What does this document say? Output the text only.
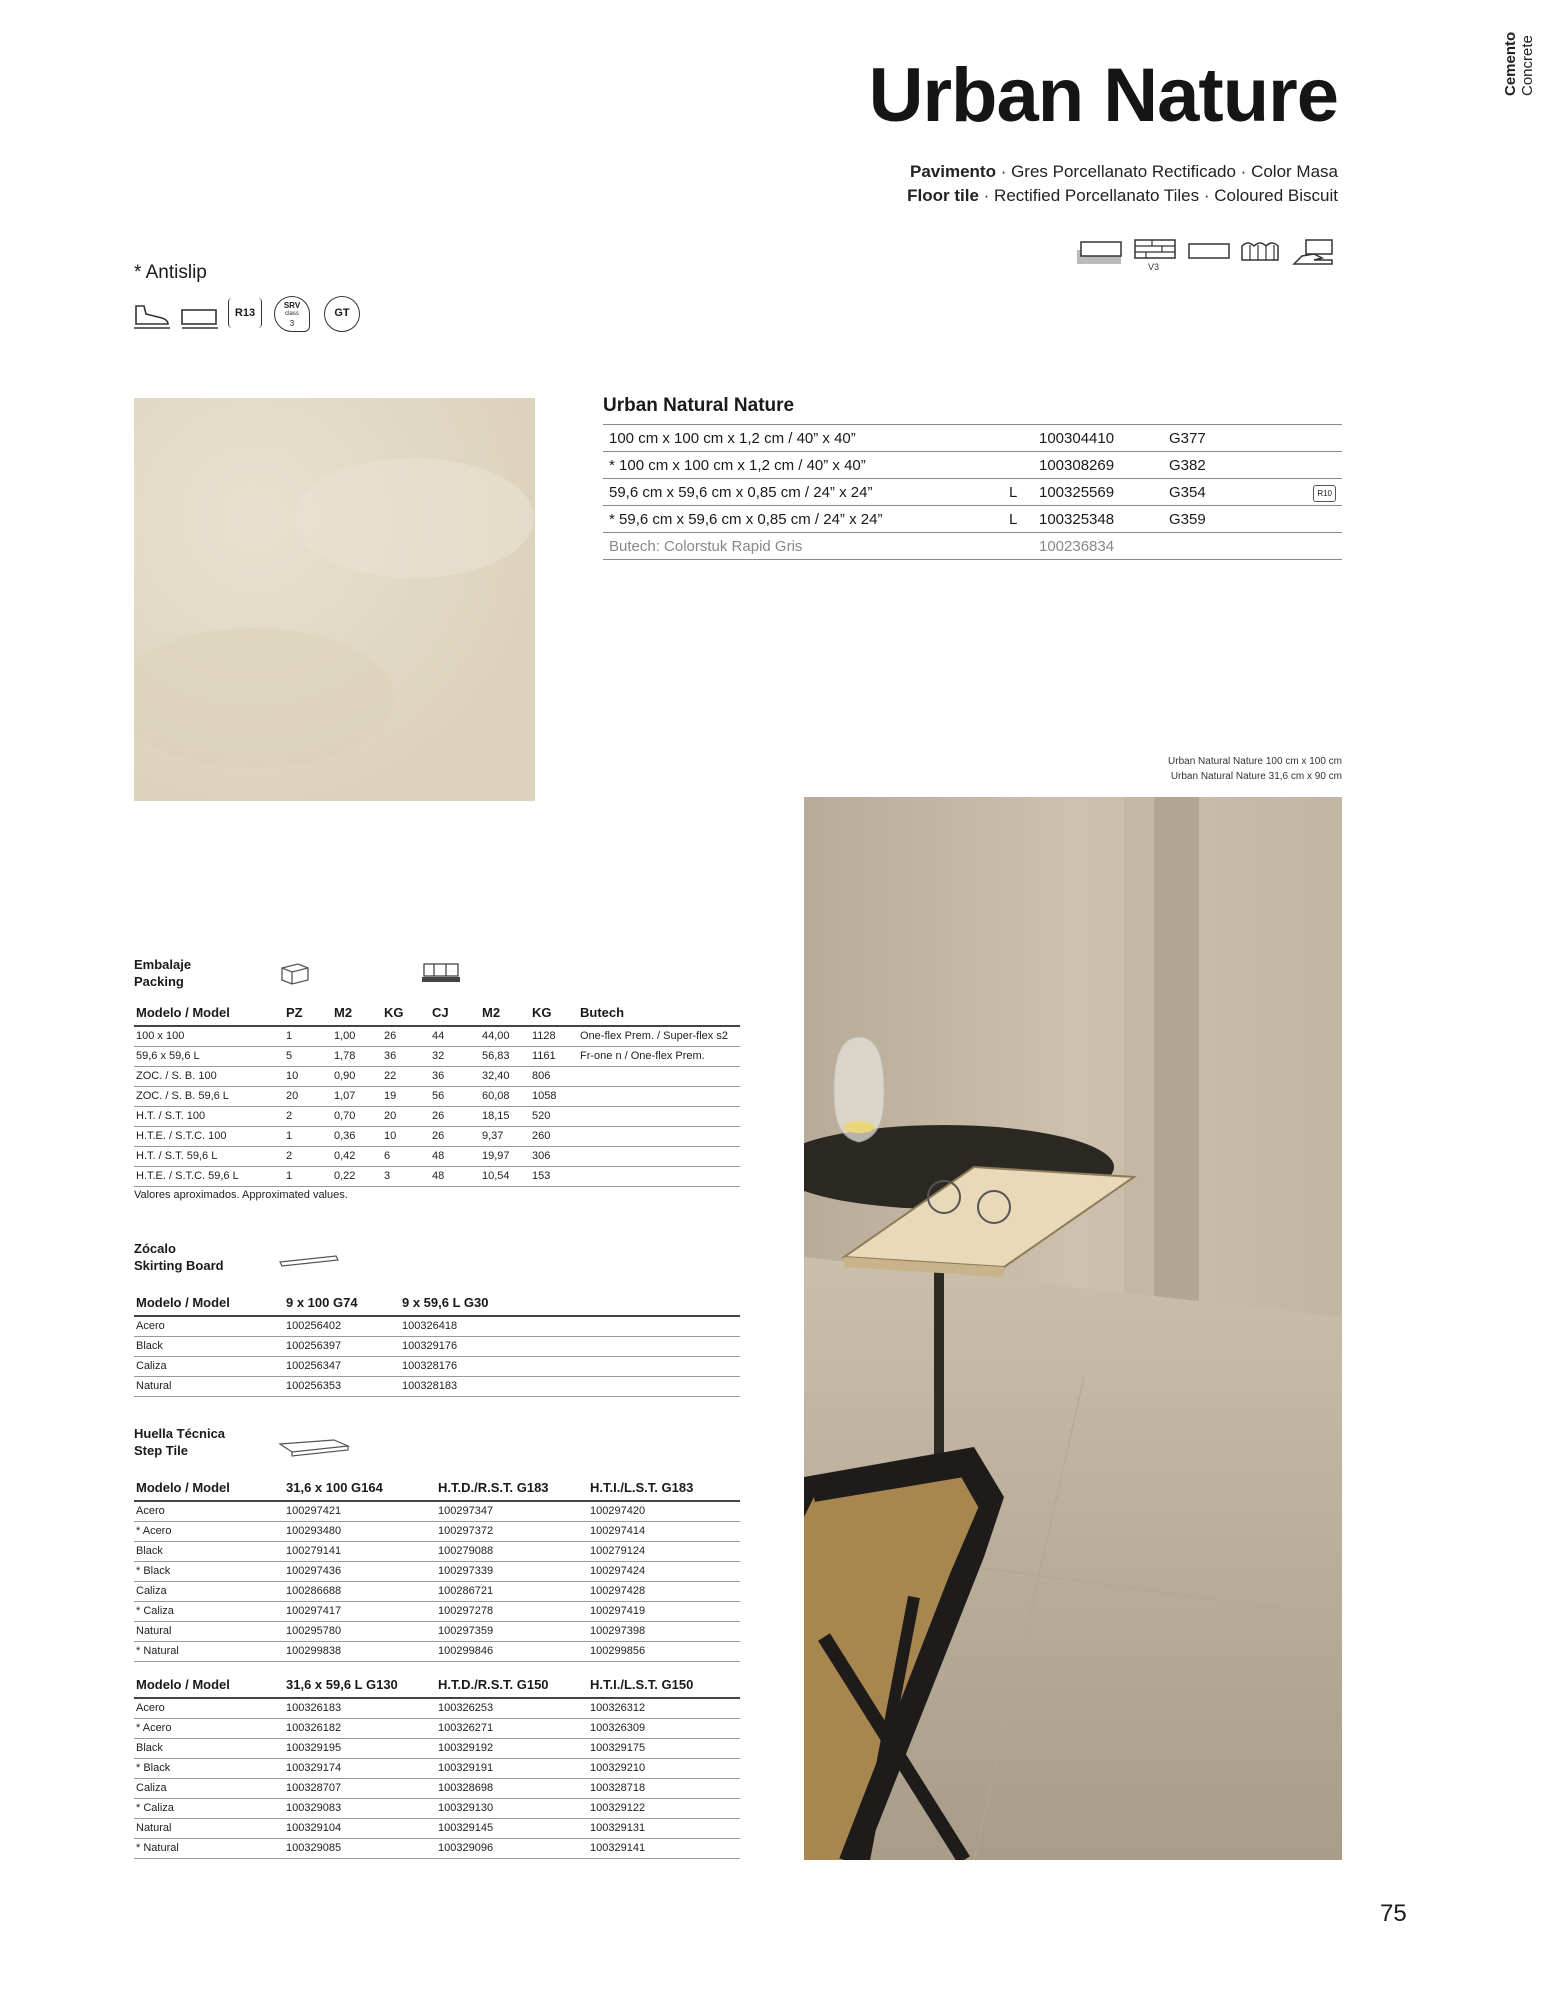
Cemento Concrete
Urban Nature
Pavimento · Gres Porcellanato Rectificado · Color Masa
Floor tile · Rectified Porcellanato Tiles · Coloured Biscuit
V3
* Antislip
R13
SRV
class
3
GT
Urban Natural Nature
100 cm x 100 cm x 1,2 cm / 40” x 40”		100304410	G377	
* 100 cm x 100 cm x 1,2 cm / 40” x 40”		100308269	G382	
59,6 cm x 59,6 cm x 0,85 cm / 24” x 24”	L	100325569	G354	R10
* 59,6 cm x 59,6 cm x 0,85 cm / 24” x 24”	L	100325348	G359	
Butech: Colorstuk Rapid Gris		100236834		
Urban Natural Nature 100 cm x 100 cm
Urban Natural Nature 31,6 cm x 90 cm
Embalaje
Packing
Modelo / Model	PZ	M2	KG	CJ	M2	KG	Butech
100 x 100	1	1,00	26	44	44,00	1128	One-flex Prem. / Super-flex s2
59,6 x 59,6 L	5	1,78	36	32	56,83	1161	Fr-one n / One-flex Prem.
ZOC. / S. B. 100	10	0,90	22	36	32,40	806	
ZOC. / S. B. 59,6 L	20	1,07	19	56	60,08	1058	
H.T. / S.T. 100	2	0,70	20	26	18,15	520	
H.T.E. / S.T.C. 100	1	0,36	10	26	9,37	260	
H.T. / S.T. 59,6 L	2	0,42	6	48	19,97	306	
H.T.E. / S.T.C. 59,6 L	1	0,22	3	48	10,54	153	
Valores aproximados. Approximated values.
Zócalo
Skirting Board
Modelo / Model	9 x 100 G74	9 x 59,6 L G30
Acero	100256402	100326418
Black	100256397	100329176
Caliza	100256347	100328176
Natural	100256353	100328183
Huella Técnica
Step Tile
Modelo / Model	31,6 x 100 G164	H.T.D./R.S.T. G183	H.T.I./L.S.T. G183
Acero	100297421	100297347	100297420
* Acero	100293480	100297372	100297414
Black	100279141	100279088	100279124
* Black	100297436	100297339	100297424
Caliza	100286688	100286721	100297428
* Caliza	100297417	100297278	100297419
Natural	100295780	100297359	100297398
* Natural	100299838	100299846	100299856
Modelo / Model	31,6 x 59,6 L G130	H.T.D./R.S.T. G150	H.T.I./L.S.T. G150
Acero	100326183	100326253	100326312
* Acero	100326182	100326271	100326309
Black	100329195	100329192	100329175
* Black	100329174	100329191	100329210
Caliza	100328707	100328698	100328718
* Caliza	100329083	100329130	100329122
Natural	100329104	100329145	100329131
* Natural	100329085	100329096	100329141
75
